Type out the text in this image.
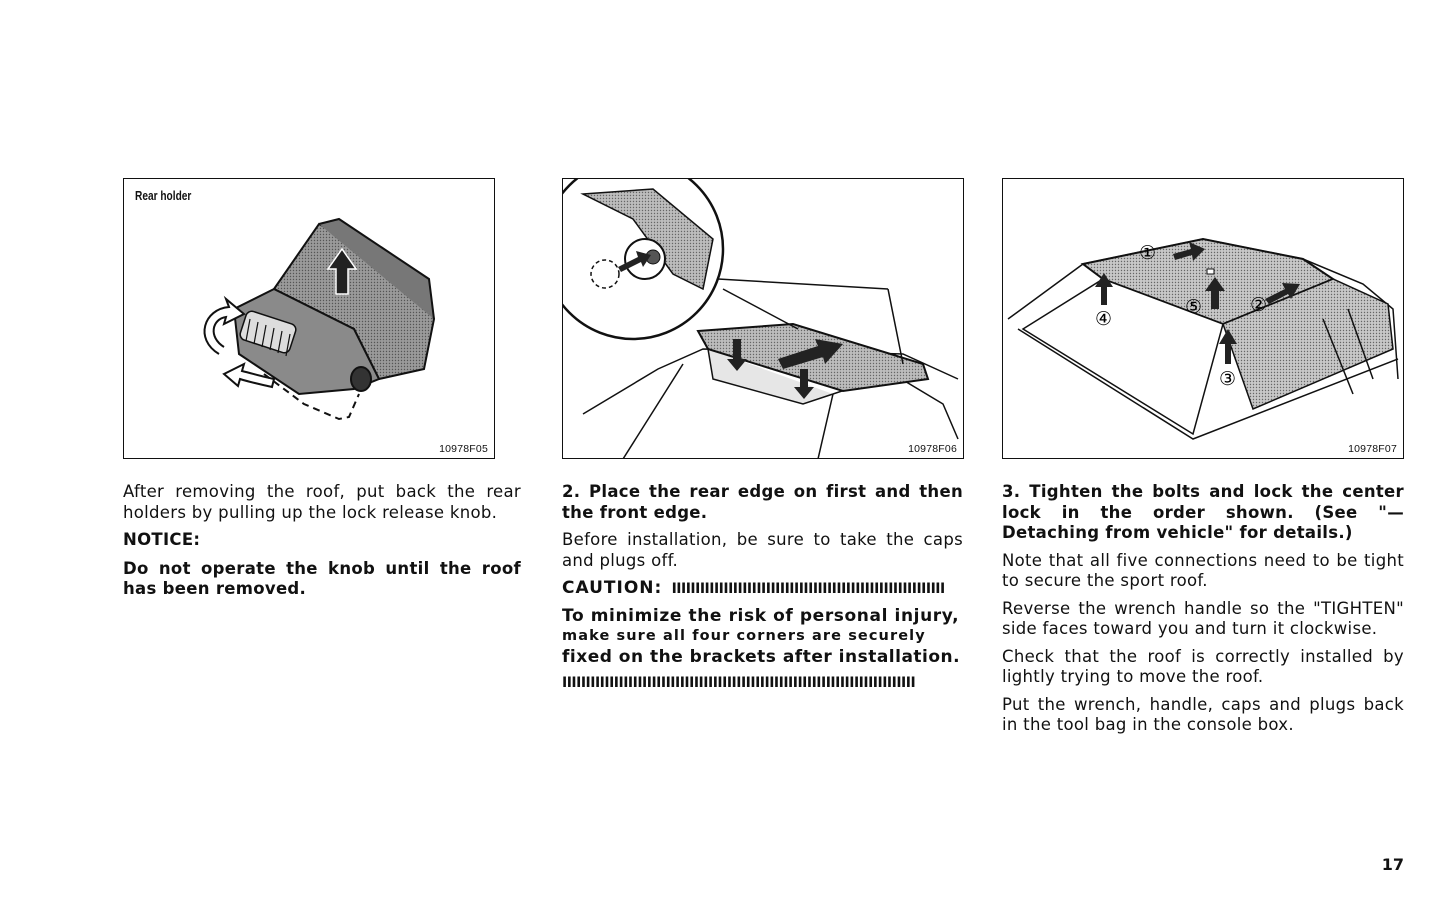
Rear holder
10978F05	10978F06
①
②
③
④
⑤
10978F07

After removing the roof, put back the rear holders by pulling up the lock release knob.

NOTICE:

Do not operate the knob until the roof has been removed.

2. Place the rear edge on first and then the front edge.

Before installation, be sure to take the caps and plugs off.

CAUTION:  IIIIIIIIIIIIIIIIIIIIIIIIIIIIIIIIIIIIIIIIIIIIIIIIIIIIIIIIII
To minimize the risk of personal injury,
make sure all four corners are securely
fixed on the brackets after installation.
IIIIIIIIIIIIIIIIIIIIIIIIIIIIIIIIIIIIIIIIIIIIIIIIIIIIIIIIIIIIIIIIIIIIIIIIIII

3. Tighten the bolts and lock the center lock in the order shown. (See "—Detaching from vehicle" for details.)

Note that all five connections need to be tight to secure the sport roof.

Reverse the wrench handle so the "TIGHTEN" side faces toward you and turn it clockwise.

Check that the roof is correctly installed by lightly trying to move the roof.

Put the wrench, handle, caps and plugs back in the tool bag in the console box.

17
